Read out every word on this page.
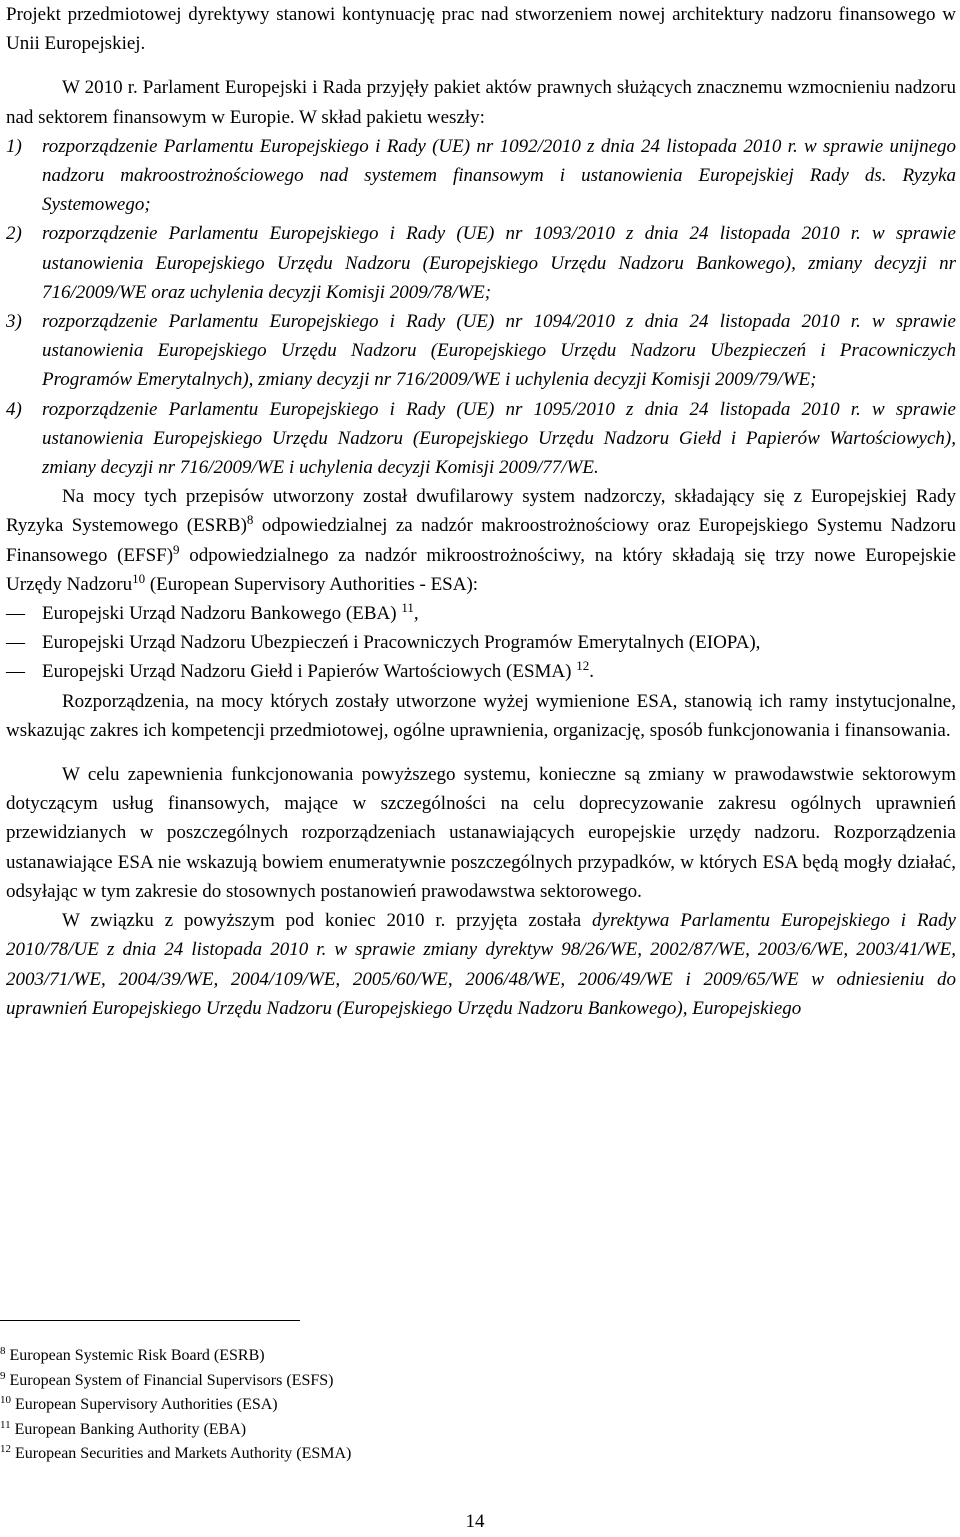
Projekt przedmiotowej dyrektywy stanowi kontynuację prac nad stworzeniem nowej architektury nadzoru finansowego w Unii Europejskiej.

W 2010 r. Parlament Europejski i Rada przyjęły pakiet aktów prawnych służących znacznemu wzmocnieniu nadzoru nad sektorem finansowym w Europie. W skład pakietu weszły:

1) rozporządzenie Parlamentu Europejskiego i Rady (UE) nr 1092/2010 z dnia 24 listopada 2010 r. w sprawie unijnego nadzoru makroostrożnościowego nad systemem finansowym i ustanowienia Europejskiej Rady ds. Ryzyka Systemowego;
2) rozporządzenie Parlamentu Europejskiego i Rady (UE) nr 1093/2010 z dnia 24 listopada 2010 r. w sprawie ustanowienia Europejskiego Urzędu Nadzoru (Europejskiego Urzędu Nadzoru Bankowego), zmiany decyzji nr 716/2009/WE oraz uchylenia decyzji Komisji 2009/78/WE;
3) rozporządzenie Parlamentu Europejskiego i Rady (UE) nr 1094/2010 z dnia 24 listopada 2010 r. w sprawie ustanowienia Europejskiego Urzędu Nadzoru (Europejskiego Urzędu Nadzoru Ubezpieczeń i Pracowniczych Programów Emerytalnych), zmiany decyzji nr 716/2009/WE i uchylenia decyzji Komisji 2009/79/WE;
4) rozporządzenie Parlamentu Europejskiego i Rady (UE) nr 1095/2010 z dnia 24 listopada 2010 r. w sprawie ustanowienia Europejskiego Urzędu Nadzoru (Europejskiego Urzędu Nadzoru Giełd i Papierów Wartościowych), zmiany decyzji nr 716/2009/WE i uchylenia decyzji Komisji 2009/77/WE.

Na mocy tych przepisów utworzony został dwufilarowy system nadzorczy, składający się z Europejskiej Rady Ryzyka Systemowego (ESRB)$^8$ odpowiedzialnej za nadzór makroostrożnościowy oraz Europejskiego Systemu Nadzoru Finansowego (EFSF)$^9$ odpowiedzialnego za nadzór mikroostrożnościwy, na który składają się trzy nowe Europejskie Urzędy Nadzoru$^{10}$ (European Supervisory Authorities - ESA):

— Europejski Urząd Nadzoru Bankowego (EBA) $^{11}$,
— Europejski Urząd Nadzoru Ubezpieczeń i Pracowniczych Programów Emerytalnych (EIOPA),
— Europejski Urząd Nadzoru Giełd i Papierów Wartościowych (ESMA) $^{12}$.

Rozporządzenia, na mocy których zostały utworzone wyżej wymienione ESA, stanowią ich ramy instytucjonalne, wskazując zakres ich kompetencji przedmiotowej, ogólne uprawnienia, organizację, sposób funkcjonowania i finansowania.

W celu zapewnienia funkcjonowania powyższego systemu, konieczne są zmiany w prawodawstwie sektorowym dotyczącym usług finansowych, mające w szczególności na celu doprecyzowanie zakresu ogólnych uprawnień przewidzianych w poszczególnych rozporządzeniach ustanawiających europejskie urzędy nadzoru. Rozporządzenia ustanawiające ESA nie wskazują bowiem enumeratywnie poszczególnych przypadków, w których ESA będą mogły działać, odsyłając w tym zakresie do stosownych postanowień prawodawstwa sektorowego.

W związku z powyższym pod koniec 2010 r. przyjęta została dyrektywa Parlamentu Europejskiego i Rady 2010/78/UE z dnia 24 listopada 2010 r. w sprawie zmiany dyrektyw 98/26/WE, 2002/87/WE, 2003/6/WE, 2003/41/WE, 2003/71/WE, 2004/39/WE, 2004/109/WE, 2005/60/WE, 2006/48/WE, 2006/49/WE i 2009/65/WE w odniesieniu do uprawnień Europejskiego Urzędu Nadzoru (Europejskiego Urzędu Nadzoru Bankowego), Europejskiego

$^8$ European Systemic Risk Board (ESRB)
$^9$ European System of Financial Supervisors (ESFS)
$^{10}$ European Supervisory Authorities (ESA)
$^{11}$ European Banking Authority (EBA)
$^{12}$ European Securities and Markets Authority (ESMA)
14
